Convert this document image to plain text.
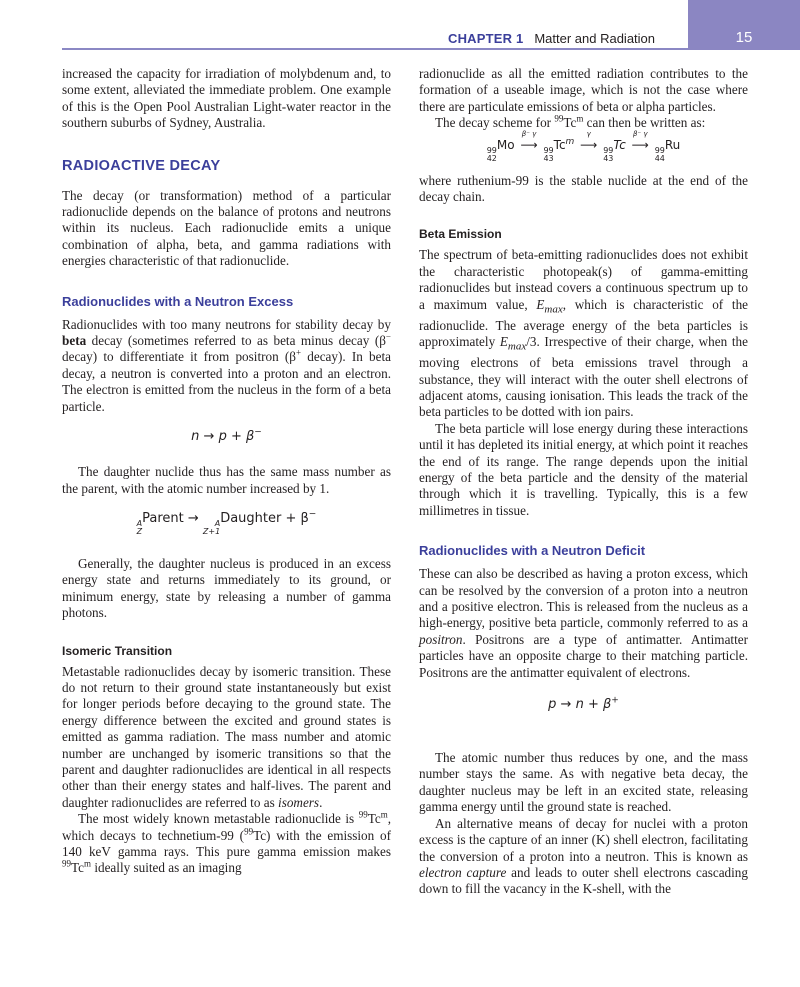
CHAPTER 1 Matter and Radiation	15

increased the capacity for irradiation of molybdenum and, to some extent, alleviated the immediate problem. One example of this is the Open Pool Australian Light-water reactor in the southern suburbs of Sydney, Australia.

RADIOACTIVE DECAY

The decay (or transformation) method of a particular radionuclide depends on the balance of protons and neutrons within its nucleus. Each radionuclide emits a unique combination of alpha, beta, and gamma radiations with energies characteristic of that radionuclide.

Radionuclides with a Neutron Excess

Radionuclides with too many neutrons for stability decay by beta decay (sometimes referred to as beta minus decay (β− decay) to differentiate it from positron (β+ decay). In beta decay, a neutron is converted into a proton and an electron. The electron is emitted from the nucleus in the form of a beta particle.

n → p + β−

The daughter nuclide thus has the same mass number as the parent, with the atomic number increased by 1.

A
Z
Parent →	A
Z+1
Daughter + β−

Generally, the daughter nucleus is produced in an excess energy state and returns immediately to its ground, or minimum energy, state by releasing a number of gamma photons.

Isomeric Transition

Metastable radionuclides decay by isomeric transition. These do not return to their ground state instantaneously but exist for longer periods before decaying to the ground state. The energy difference between the excited and ground states is emitted as gamma radiation. The mass number and atomic number are unchanged by isomeric transitions so that the parent and daughter radionuclides are identical in all respects other than their energy states and half-lives. The parent and daughter radionuclides are referred to as isomers.

The most widely known metastable radionuclide is $^{99}$Tc$^m$, which decays to technetium-99 ($^{99}$Tc) with the emission of 140 keV gamma rays. This pure gamma emission makes $^{99}$Tc$^m$ ideally suited as an imaging

radionuclide as all the emitted radiation contributes to the formation of a useable image, which is not the case where there are particulate emissions of beta or alpha particles.

The decay scheme for $^{99}$Tc$^m$ can then be written as:

99
42
Mo
β⁻ γ
⟶ 99
43
Tc$^m$
γ
⟶ 99
43
Tc
β⁻ γ
⟶ 99
44
Ru

where ruthenium-99 is the stable nuclide at the end of the decay chain.

Beta Emission

The spectrum of beta-emitting radionuclides does not exhibit the characteristic photopeak(s) of gamma-emitting radionuclides but instead covers a continuous spectrum up to a maximum value, $E_{max}$, which is characteristic of the radionuclide. The average energy of the beta particles is approximately $E_{max}/3$. Irrespective of their charge, when the moving electrons of beta emissions travel through a substance, they will interact with the outer shell electrons of adjacent atoms, causing ionisation. This leads the track of the beta particles to be dotted with ion pairs.

The beta particle will lose energy during these interactions until it has depleted its initial energy, at which point it reaches the end of its range. The range depends upon the initial energy of the beta particle and the density of the material through which it is travelling. Typically, this is a few millimetres in tissue.

Radionuclides with a Neutron Deficit

These can also be described as having a proton excess, which can be resolved by the conversion of a proton into a neutron and a positive electron. This is released from the nucleus as a high-energy, positive beta particle, commonly referred to as a positron. Positrons are a type of antimatter. Antimatter particles have an opposite charge to their matching particle. Positrons are the antimatter equivalent of electrons.

p → n + β+

The atomic number thus reduces by one, and the mass number stays the same. As with negative beta decay, the daughter nucleus may be left in an excited state, releasing gamma energy until the ground state is reached.

An alternative means of decay for nuclei with a proton excess is the capture of an inner (K) shell electron, facilitating the conversion of a proton into a neutron. This is known as electron capture and leads to outer shell electrons cascading down to fill the vacancy in the K-shell, with the
